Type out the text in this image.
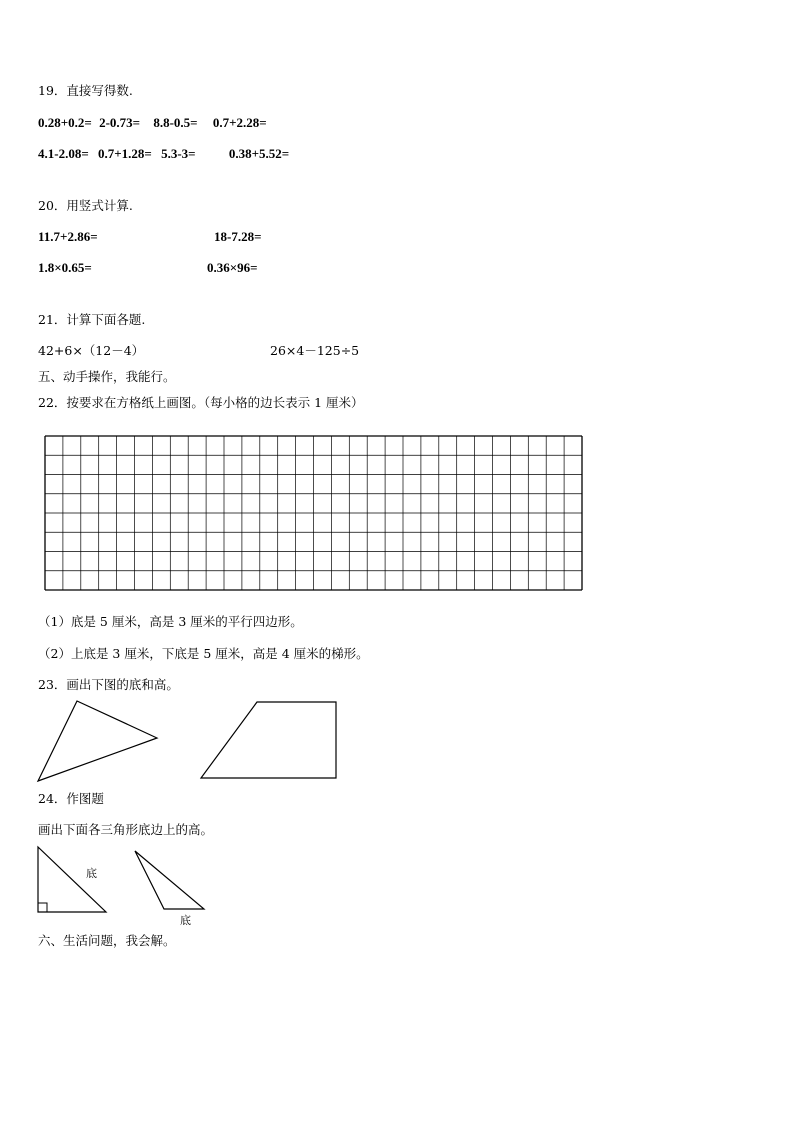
19．直接写得数.
0.28+0.2= 2-0.73= 8.8-0.5= 0.7+2.28=
4.1-2.08= 0.7+1.28= 5.3-3=	0.38+5.52=
20．用竖式计算.
11.7+2.86=	18-7.28=
1.8×0.65=	0.36×96=
21．计算下面各题.
42+6×（12－4）	26×4－125÷5
五、动手操作，我能行。
22．按要求在方格纸上画图。（每小格的边长表示 1 厘米）
（1）底是 5 厘米，高是 3 厘米的平行四边形。
（2）上底是 3 厘米，下底是 5 厘米，高是 4 厘米的梯形。
23．画出下图的底和高。
24．作图题
画出下面各三角形底边上的高。
底
底
六、生活问题，我会解。
